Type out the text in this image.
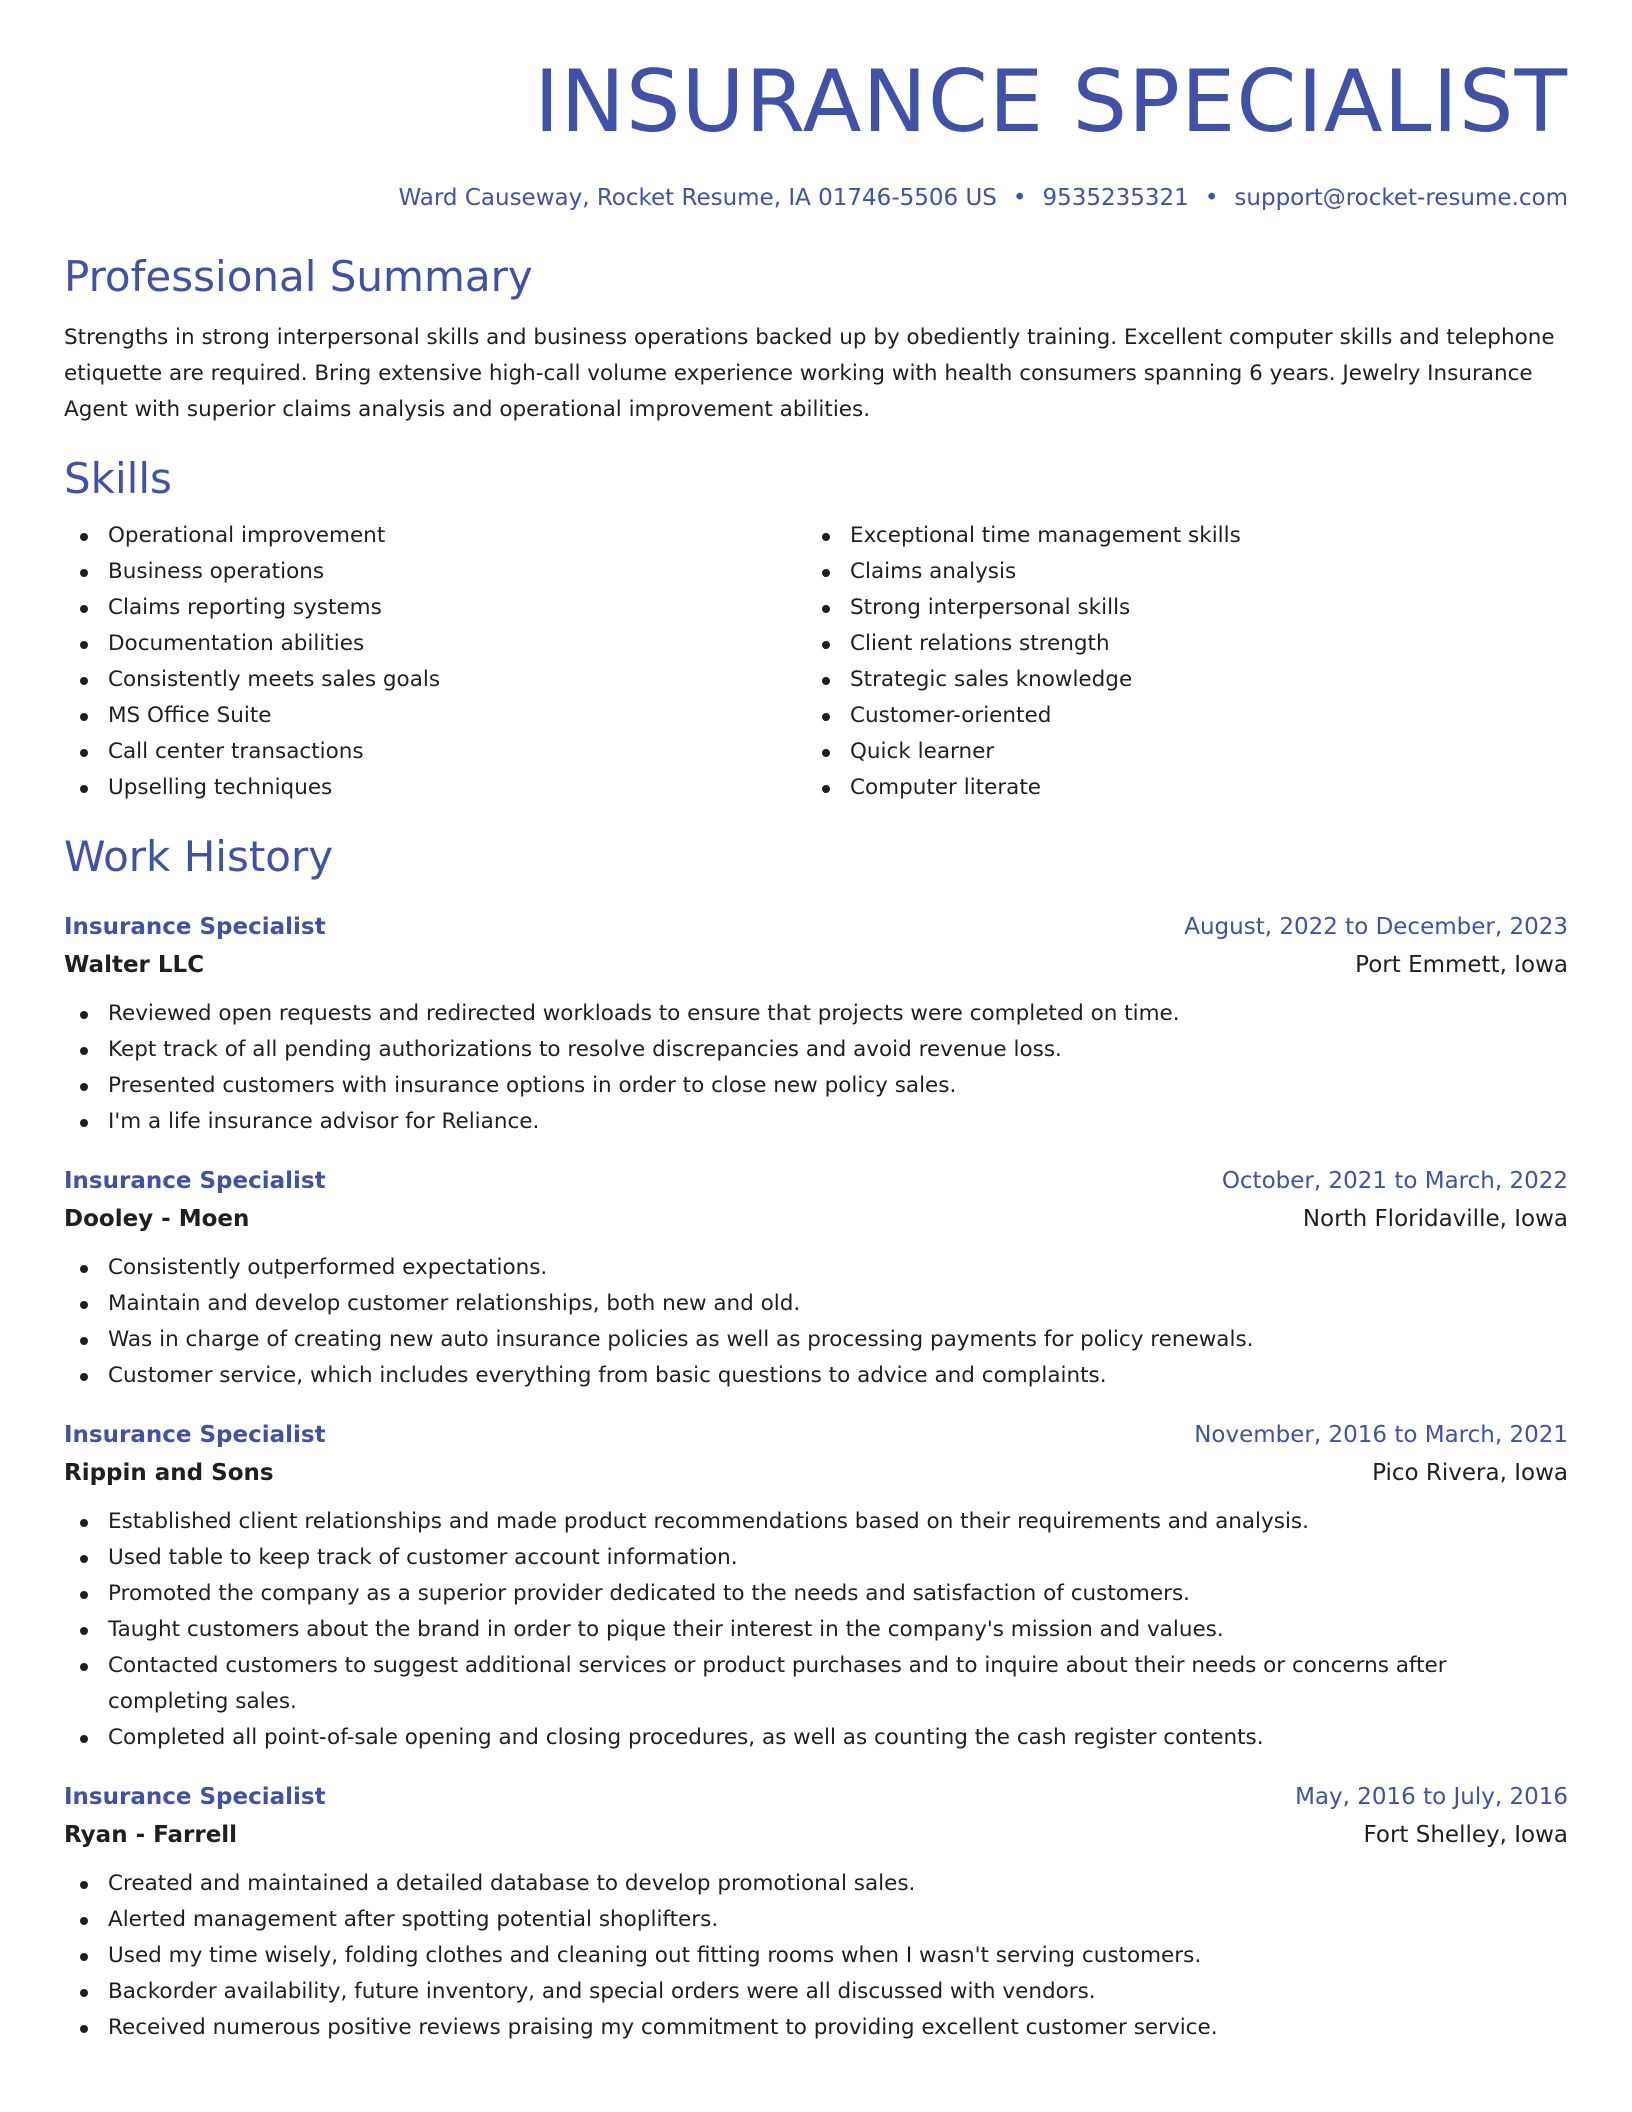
INSURANCE SPECIALIST
Ward Causeway, Rocket Resume, IA 01746-5506 US • 9535235321 • support@rocket-resume.com
Professional Summary

Strengths in strong interpersonal skills and business operations backed up by obediently training. Excellent computer skills and telephone etiquette are required. Bring extensive high-call volume experience working with health consumers spanning 6 years. Jewelry Insurance Agent with superior claims analysis and operational improvement abilities.

Skills
Operational improvement
Business operations
Claims reporting systems
Documentation abilities
Consistently meets sales goals
MS Office Suite
Call center transactions
Upselling techniques
Exceptional time management skills
Claims analysis
Strong interpersonal skills
Client relations strength
Strategic sales knowledge
Customer-oriented
Quick learner
Computer literate
Work History
Insurance Specialist	August, 2022 to December, 2023
Walter LLC	Port Emmett, Iowa
Reviewed open requests and redirected workloads to ensure that projects were completed on time.
Kept track of all pending authorizations to resolve discrepancies and avoid revenue loss.
Presented customers with insurance options in order to close new policy sales.
I'm a life insurance advisor for Reliance.
Insurance Specialist	October, 2021 to March, 2022
Dooley - Moen	North Floridaville, Iowa
Consistently outperformed expectations.
Maintain and develop customer relationships, both new and old.
Was in charge of creating new auto insurance policies as well as processing payments for policy renewals.
Customer service, which includes everything from basic questions to advice and complaints.
Insurance Specialist	November, 2016 to March, 2021
Rippin and Sons	Pico Rivera, Iowa
Established client relationships and made product recommendations based on their requirements and analysis.
Used table to keep track of customer account information.
Promoted the company as a superior provider dedicated to the needs and satisfaction of customers.
Taught customers about the brand in order to pique their interest in the company's mission and values.
Contacted customers to suggest additional services or product purchases and to inquire about their needs or concerns after completing sales.
Completed all point-of-sale opening and closing procedures, as well as counting the cash register contents.
Insurance Specialist	May, 2016 to July, 2016
Ryan - Farrell	Fort Shelley, Iowa
Created and maintained a detailed database to develop promotional sales.
Alerted management after spotting potential shoplifters.
Used my time wisely, folding clothes and cleaning out fitting rooms when I wasn't serving customers.
Backorder availability, future inventory, and special orders were all discussed with vendors.
Received numerous positive reviews praising my commitment to providing excellent customer service.
